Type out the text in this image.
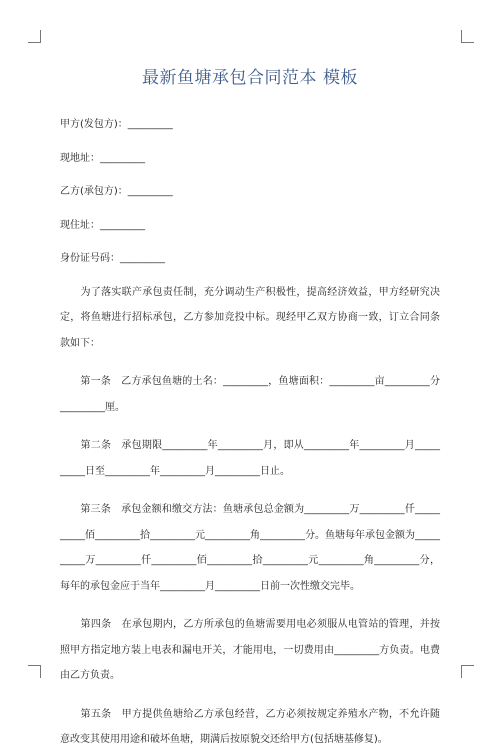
最新鱼塘承包合同范本 模板
甲方(发包方)：_________
现地址：_________
乙方(承包方)：_________
现住址：_________
身份证号码：_________
　　为了落实联产承包责任制，充分调动生产积极性，提高经济效益，甲方经研究决
定，将鱼塘进行招标承包，乙方参加竞投中标。现经甲乙双方协商一致，订立合同条
款如下：
　　第一条　乙方承包鱼塘的土名：_________，鱼塘面积：_________亩_________分
_________厘。
　　第二条　承包期限_________年_________月，即从_________年_________月_____
_____日至_________年_________月_________日止。
　　第三条　承包金额和缴交方法：鱼塘承包总金额为_________万_________仟_____
_____佰_________拾_________元_________角_________分。鱼塘每年承包金额为_____
_____万_________仟_________佰_________拾_________元_________角_________分，
每年的承包金应于当年_________月_________日前一次性缴交完毕。
　　第四条　在承包期内，乙方所承包的鱼塘需要用电必须服从电管站的管理，并按
照甲方指定地方装上电表和漏电开关，才能用电，一切费用由_________方负责。电费
由乙方负责。
　　第五条　甲方提供鱼塘给乙方承包经营，乙方必须按规定养殖水产物，不允许随
意改变其使用用途和破坏鱼塘，期满后按原貌交还给甲方(包括塘基修复)。
